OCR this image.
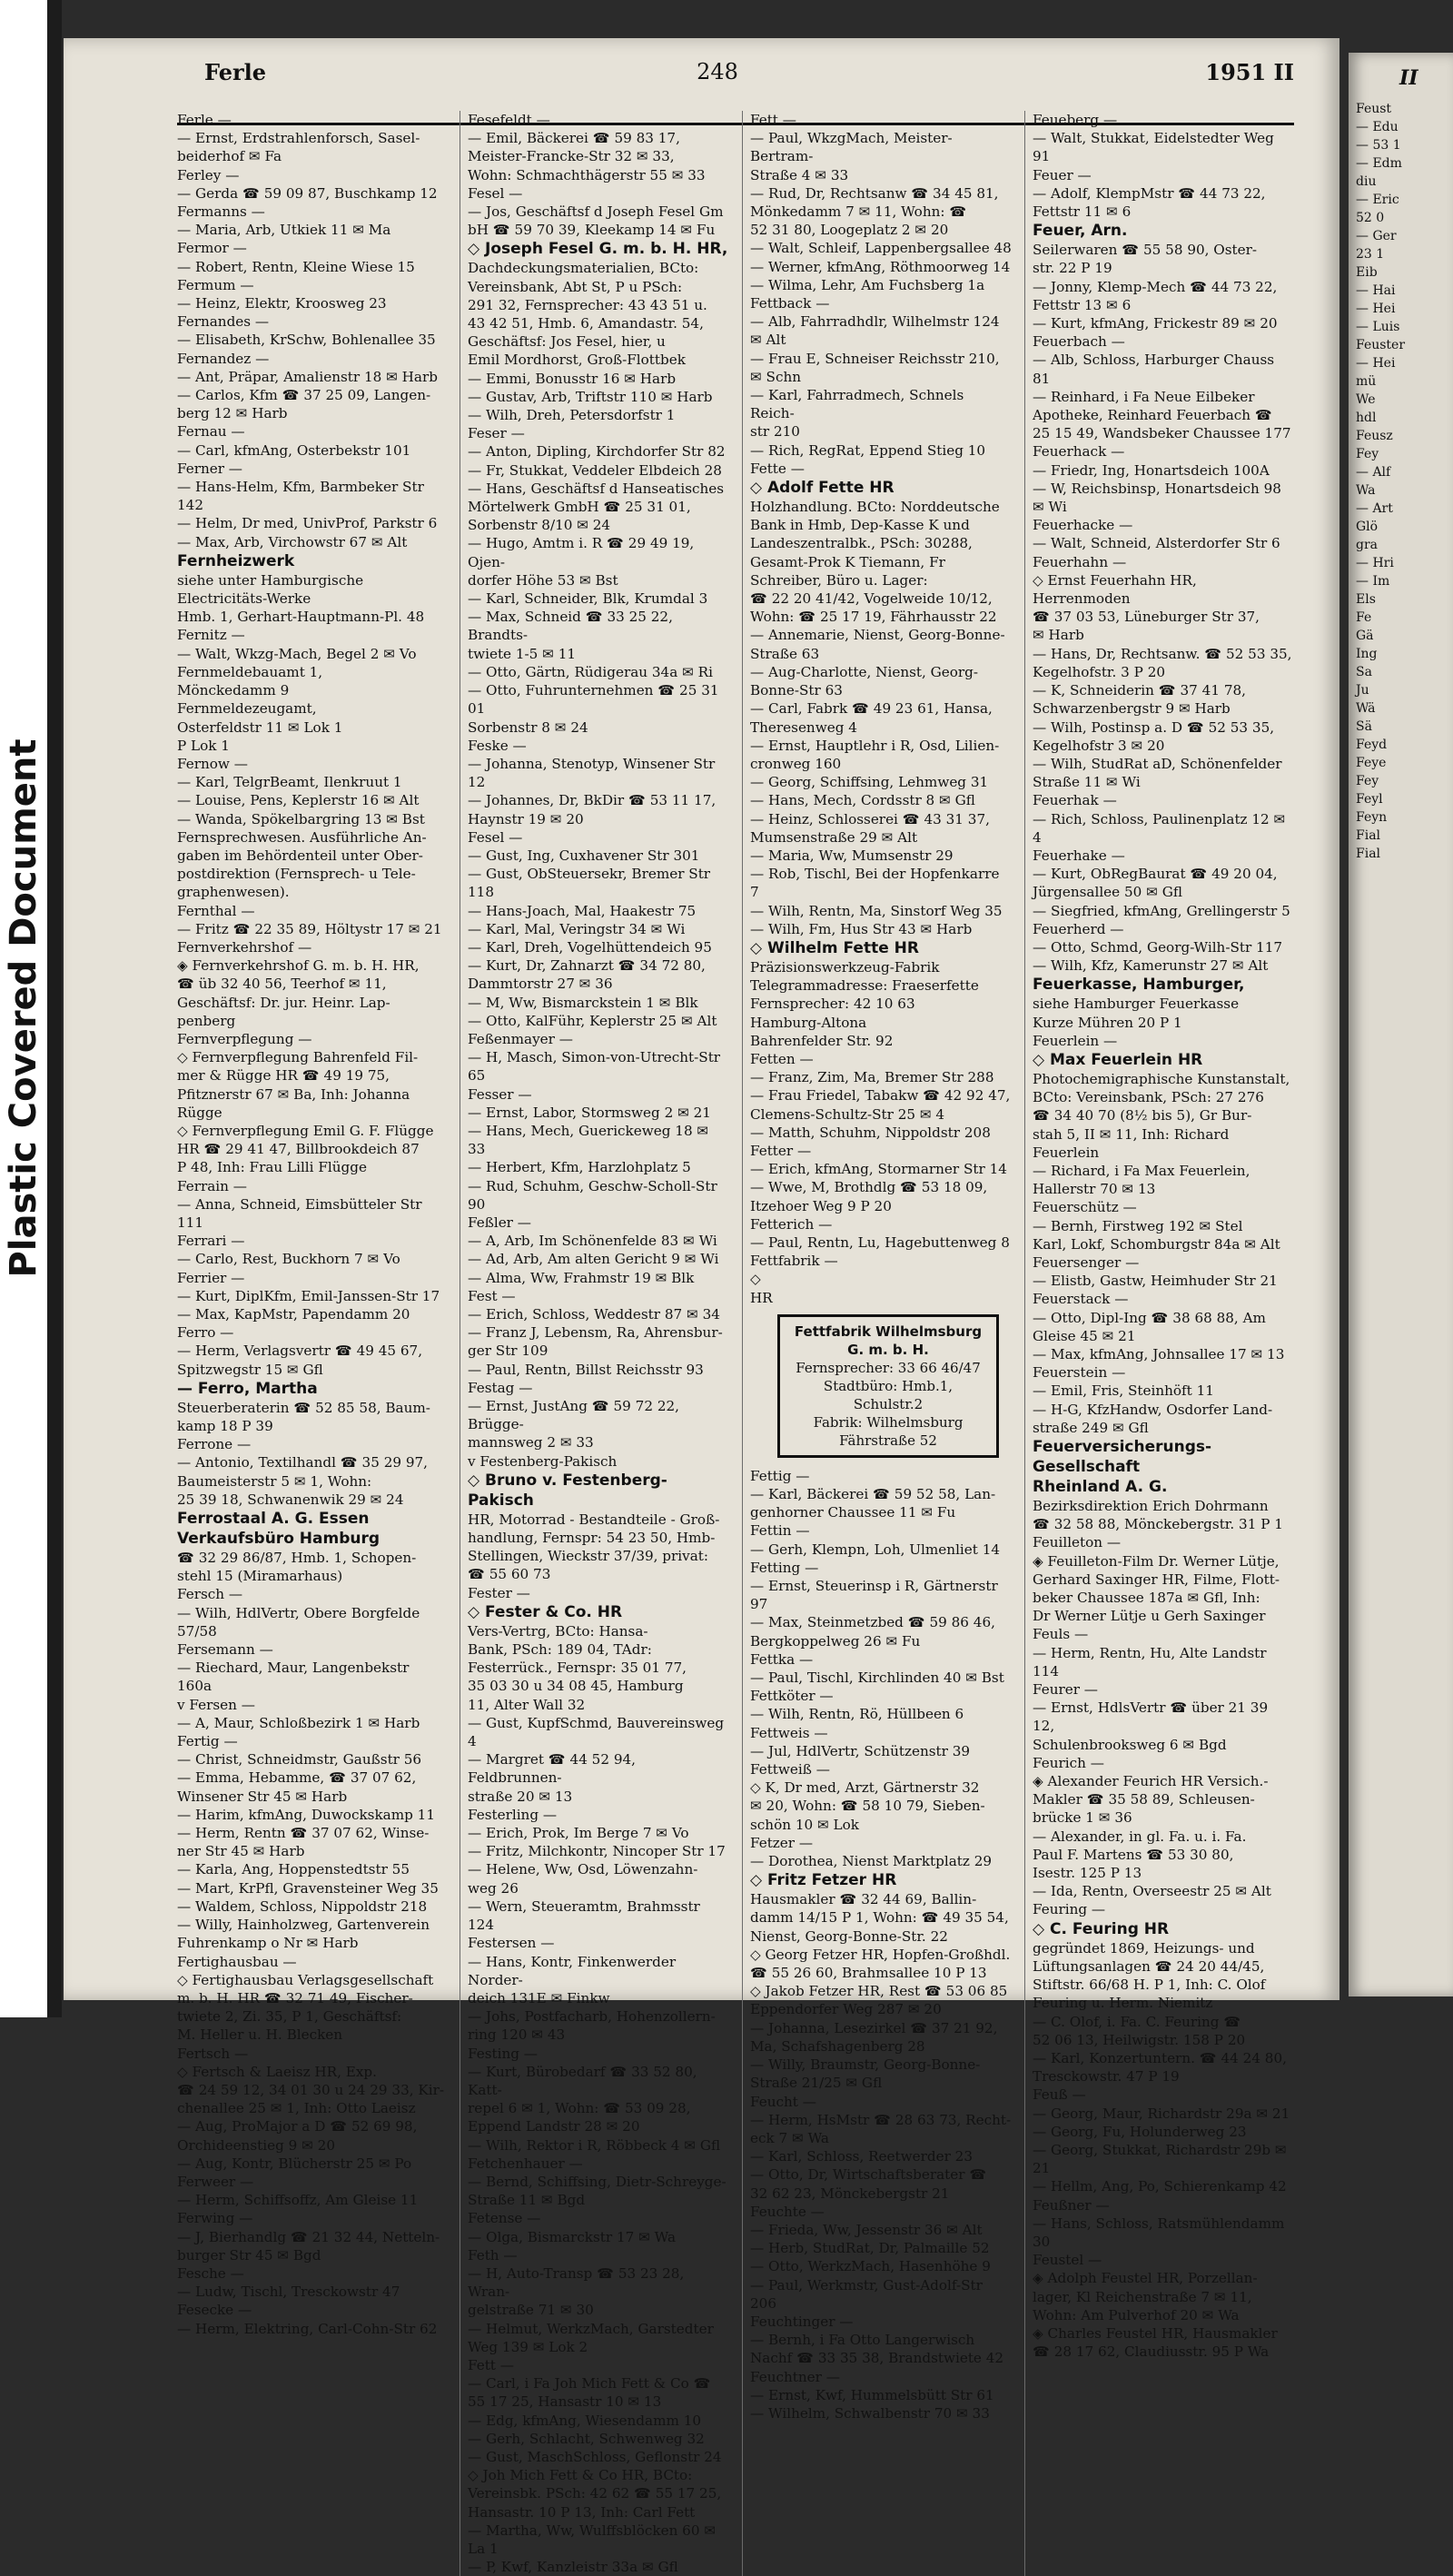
Plastic Covered Document
II
Feust
— Edu
— 53 1
— Edm
diu
— Eric
52 0
— Ger
23 1
Eib
— Hai
— Hei
— Luis
Feuster
— Hei
mü
We
hdl
Feusz
Fey
— Alf
Wa
— Art
Glö
gra
— Hri
— Im
Els
Fe
Gä
Ing
Sa
Ju
Wä
Sä
Feyd
Feye
Fey
Feyl
Feyn
Fial
Fial
Ferle	248	1951 II
Ferle —
— Ernst, Erdstrahlenforsch, Sasel-
beiderhof ✉ Fa
Ferley —
— Gerda ☎ 59 09 87, Buschkamp 12
Fermanns —
— Maria, Arb, Utkiek 11 ✉ Ma
Fermor —
— Robert, Rentn, Kleine Wiese 15
Fermum —
— Heinz, Elektr, Kroosweg 23
Fernandes —
— Elisabeth, KrSchw, Bohlenallee 35
Fernandez —
— Ant, Präpar, Amalienstr 18 ✉ Harb
— Carlos, Kfm ☎ 37 25 09, Langen-
berg 12 ✉ Harb
Fernau —
— Carl, kfmAng, Osterbekstr 101
Ferner —
— Hans-Helm, Kfm, Barmbeker Str 142
— Helm, Dr med, UnivProf, Parkstr 6
— Max, Arb, Virchowstr 67 ✉ Alt
Fernheizwerk
siehe unter Hamburgische
Electricitäts-Werke
Hmb. 1, Gerhart-Hauptmann-Pl. 48
Fernitz —
— Walt, Wkzg-Mach, Begel 2 ✉ Vo
Fernmeldebauamt 1,
Mönckedamm 9
Fernmeldezeugamt,
Osterfeldstr 11 ✉ Lok 1
P Lok 1
Fernow —
— Karl, TelgrBeamt, Ilenkruut 1
— Louise, Pens, Keplerstr 16 ✉ Alt
— Wanda, Spökelbargring 13 ✉ Bst
Fernsprechwesen. Ausführliche An-
gaben im Behördenteil unter Ober-
postdirektion (Fernsprech- u Tele-
graphenwesen).
Fernthal —
— Fritz ☎ 22 35 89, Höltystr 17 ✉ 21
Fernverkehrshof —
◈ Fernverkehrshof G. m. b. H. HR,
☎ üb 32 40 56, Teerhof ✉ 11,
Geschäftsf: Dr. jur. Heinr. Lap-
penberg
Fernverpflegung —
◇ Fernverpflegung Bahrenfeld Fil-
mer & Rügge HR ☎ 49 19 75,
Pfitznerstr 67 ✉ Ba, Inh: Johanna
Rügge
◇ Fernverpflegung Emil G. F. Flügge
HR ☎ 29 41 47, Billbrookdeich 87
P 48, Inh: Frau Lilli Flügge
Ferrain —
— Anna, Schneid, Eimsbütteler Str 111
Ferrari —
— Carlo, Rest, Buckhorn 7 ✉ Vo
Ferrier —
— Kurt, DiplKfm, Emil-Janssen-Str 17
— Max, KapMstr, Papendamm 20
Ferro —
— Herm, Verlagsvertr ☎ 49 45 67,
Spitzwegstr 15 ✉ Gfl
— Ferro, Martha
Steuerberaterin ☎ 52 85 58, Baum-
kamp 18 P 39
Ferrone —
— Antonio, Textilhandl ☎ 35 29 97,
Baumeisterstr 5 ✉ 1, Wohn:
25 39 18, Schwanenwik 29 ✉ 24
Ferrostaal A. G. Essen
Verkaufsbüro Hamburg
☎ 32 29 86/87, Hmb. 1, Schopen-
stehl 15 (Miramarhaus)
Fersch —
— Wilh, HdlVertr, Obere Borgfelde 57/58
Fersemann —
— Riechard, Maur, Langenbekstr 160a
v Fersen —
— A, Maur, Schloßbezirk 1 ✉ Harb
Fertig —
— Christ, Schneidmstr, Gaußstr 56
— Emma, Hebamme, ☎ 37 07 62,
Winsener Str 45 ✉ Harb
— Harim, kfmAng, Duwockskamp 11
— Herm, Rentn ☎ 37 07 62, Winse-
ner Str 45 ✉ Harb
— Karla, Ang, Hoppenstedtstr 55
— Mart, KrPfl, Gravensteiner Weg 35
— Waldem, Schloss, Nippoldstr 218
— Willy, Hainholzweg, Gartenverein
Fuhrenkamp o Nr ✉ Harb
Fertighausbau —
◇ Fertighausbau Verlagsgesellschaft
m. b. H. HR ☎ 32 71 49, Fischer-
twiete 2, Zi. 35, P 1, Geschäftsf:
M. Heller u. H. Blecken
Fertsch —
◇ Fertsch & Laeisz HR, Exp.
☎ 24 59 12, 34 01 30 u 24 29 33, Kir-
chenallee 25 ✉ 1, Inh: Otto Laeisz
— Aug, ProMajor a D ☎ 52 69 98,
Orchideenstieg 9 ✉ 20
— Aug, Kontr, Blücherstr 25 ✉ Po
Ferweer —
— Herm, Schiffsoffz, Am Gleise 11
Ferwing —
— J, Bierhandlg ☎ 21 32 44, Netteln-
burger Str 45 ✉ Bgd
Fesche —
— Ludw, Tischl, Tresckowstr 47
Fesecke —
— Herm, Elektring, Carl-Cohn-Str 62
Fesefeldt —
— Emil, Bäckerei ☎ 59 83 17,
Meister-Francke-Str 32 ✉ 33,
Wohn: Schmachthägerstr 55 ✉ 33
Fesel —
— Jos, Geschäftsf d Joseph Fesel Gm
bH ☎ 59 70 39, Kleekamp 14 ✉ Fu
◇ Joseph Fesel G. m. b. H. HR,
Dachdeckungsmaterialien, BCto:
Vereinsbank, Abt St, P u PSch:
291 32, Fernsprecher: 43 43 51 u.
43 42 51, Hmb. 6, Amandastr. 54,
Geschäftsf: Jos Fesel, hier, u
Emil Mordhorst, Groß-Flottbek
— Emmi, Bonusstr 16 ✉ Harb
— Gustav, Arb, Triftstr 110 ✉ Harb
— Wilh, Dreh, Petersdorfstr 1
Feser —
— Anton, Dipling, Kirchdorfer Str 82
— Fr, Stukkat, Veddeler Elbdeich 28
— Hans, Geschäftsf d Hanseatisches
Mörtelwerk GmbH ☎ 25 31 01,
Sorbenstr 8/10 ✉ 24
— Hugo, Amtm i. R ☎ 29 49 19, Ojen-
dorfer Höhe 53 ✉ Bst
— Karl, Schneider, Blk, Krumdal 3
— Max, Schneid ☎ 33 25 22, Brandts-
twiete 1-5 ✉ 11
— Otto, Gärtn, Rüdigerau 34a ✉ Ri
— Otto, Fuhrunternehmen ☎ 25 31 01
Sorbenstr 8 ✉ 24
Feske —
— Johanna, Stenotyp, Winsener Str 12
— Johannes, Dr, BkDir ☎ 53 11 17,
Haynstr 19 ✉ 20
Fesel —
— Gust, Ing, Cuxhavener Str 301
— Gust, ObSteuersekr, Bremer Str 118
— Hans-Joach, Mal, Haakestr 75
— Karl, Mal, Veringstr 34 ✉ Wi
— Karl, Dreh, Vogelhüttendeich 95
— Kurt, Dr, Zahnarzt ☎ 34 72 80,
Dammtorstr 27 ✉ 36
— M, Ww, Bismarckstein 1 ✉ Blk
— Otto, KalFühr, Keplerstr 25 ✉ Alt
Feßenmayer —
— H, Masch, Simon-von-Utrecht-Str 65
Fesser —
— Ernst, Labor, Stormsweg 2 ✉ 21
— Hans, Mech, Guerickeweg 18 ✉ 33
— Herbert, Kfm, Harzlohplatz 5
— Rud, Schuhm, Geschw-Scholl-Str 90
Feßler —
— A, Arb, Im Schönenfelde 83 ✉ Wi
— Ad, Arb, Am alten Gericht 9 ✉ Wi
— Alma, Ww, Frahmstr 19 ✉ Blk
Fest —
— Erich, Schloss, Weddestr 87 ✉ 34
— Franz J, Lebensm, Ra, Ahrensbur-
ger Str 109
— Paul, Rentn, Billst Reichsstr 93
Festag —
— Ernst, JustAng ☎ 59 72 22, Brügge-
mannsweg 2 ✉ 33
v Festenberg-Pakisch
◇ Bruno v. Festenberg-Pakisch
HR, Motorrad - Bestandteile - Groß-
handlung, Fernspr: 54 23 50, Hmb-
Stellingen, Wieckstr 37/39, privat:
☎ 55 60 73
Fester —
◇ Fester & Co. HR
Vers-Vertrg, BCto: Hansa-
Bank, PSch: 189 04, TAdr:
Festerrück., Fernspr: 35 01 77,
35 03 30 u 34 08 45, Hamburg
11, Alter Wall 32
— Gust, KupfSchmd, Bauvereinsweg 4
— Margret ☎ 44 52 94, Feldbrunnen-
straße 20 ✉ 13
Festerling —
— Erich, Prok, Im Berge 7 ✉ Vo
— Fritz, Milchkontr, Nincoper Str 17
— Helene, Ww, Osd, Löwenzahn-
weg 26
— Wern, Steueramtm, Brahmsstr 124
Festersen —
— Hans, Kontr, Finkenwerder Norder-
deich 131E ✉ Finkw
— Johs, Postfacharb, Hohenzollern-
ring 120 ✉ 43
Festing —
— Kurt, Bürobedarf ☎ 33 52 80, Katt-
repel 6 ✉ 1, Wohn: ☎ 53 09 28,
Eppend Landstr 28 ✉ 20
— Wilh, Rektor i R, Röbbeck 4 ✉ Gfl
Fetchenhauer —
— Bernd, Schiffsing, Dietr-Schreyge-
Straße 11 ✉ Bgd
Fetense —
— Olga, Bismarckstr 17 ✉ Wa
Feth —
— H, Auto-Transp ☎ 53 23 28, Wran-
gelstraße 71 ✉ 30
— Helmut, WerkzMach, Garstedter
Weg 139 ✉ Lok 2
Fett —
— Carl, i Fa Joh Mich Fett & Co ☎
55 17 25, Hansastr 10 ✉ 13
— Edg, kfmAng, Wiesendamm 10
— Gerh, Schlacht, Schwenweg 32
— Gust, MaschSchloss, Geflonstr 24
◇ Joh Mich Fett & Co HR, BCto:
Vereinsbk. PSch: 42 62 ☎ 55 17 25,
Hansastr. 10 P 13, Inh: Carl Fett
— Martha, Ww, Wulffsblöcken 60 ✉ La 1
— P, Kwf, Kanzleistr 33a ✉ Gfl
Fett —
— Paul, WkzgMach, Meister-Bertram-
Straße 4 ✉ 33
— Rud, Dr, Rechtsanw ☎ 34 45 81,
Mönkedamm 7 ✉ 11, Wohn: ☎
52 31 80, Loogeplatz 2 ✉ 20
— Walt, Schleif, Lappenbergsallee 48
— Werner, kfmAng, Röthmoorweg 14
— Wilma, Lehr, Am Fuchsberg 1a
Fettback —
— Alb, Fahrradhdlr, Wilhelmstr 124
✉ Alt
— Frau E, Schneiser Reichsstr 210,
✉ Schn
— Karl, Fahrradmech, Schnels Reich-
str 210
— Rich, RegRat, Eppend Stieg 10
Fette —
◇ Adolf Fette HR
Holzhandlung. BCto: Norddeutsche
Bank in Hmb, Dep-Kasse K und
Landeszentralbk., PSch: 30288,
Gesamt-Prok K Tiemann, Fr
Schreiber, Büro u. Lager:
☎ 22 20 41/42, Vogelweide 10/12,
Wohn: ☎ 25 17 19, Fährhausstr 22
— Annemarie, Nienst, Georg-Bonne-
Straße 63
— Aug-Charlotte, Nienst, Georg-
Bonne-Str 63
— Carl, Fabrk ☎ 49 23 61, Hansa,
Theresenweg 4
— Ernst, Hauptlehr i R, Osd, Lilien-
cronweg 160
— Georg, Schiffsing, Lehmweg 31
— Hans, Mech, Cordsstr 8 ✉ Gfl
— Heinz, Schlosserei ☎ 43 31 37,
Mumsenstraße 29 ✉ Alt
— Maria, Ww, Mumsenstr 29
— Rob, Tischl, Bei der Hopfenkarre 7
— Wilh, Rentn, Ma, Sinstorf Weg 35
— Wilh, Fm, Hus Str 43 ✉ Harb
◇ Wilhelm Fette HR
Präzisionswerkzeug-Fabrik
Telegrammadresse: Fraeserfette
Fernsprecher: 42 10 63
Hamburg-Altona
Bahrenfelder Str. 92
Fetten —
— Franz, Zim, Ma, Bremer Str 288
— Frau Friedel, Tabakw ☎ 42 92 47,
Clemens-Schultz-Str 25 ✉ 4
— Matth, Schuhm, Nippoldstr 208
Fetter —
— Erich, kfmAng, Stormarner Str 14
— Wwe, M, Brothdlg ☎ 53 18 09,
Itzehoer Weg 9 P 20
Fetterich —
— Paul, Rentn, Lu, Hagebuttenweg 8
Fettfabrik —
◇
HR
Fettfabrik Wilhelmsburg
G. m. b. H.
Fernsprecher: 33 66 46/47
Stadtbüro: Hmb.1, Schulstr.2
Fabrik: Wilhelmsburg
Fährstraße 52
Fettig —
— Karl, Bäckerei ☎ 59 52 58, Lan-
genhorner Chaussee 11 ✉ Fu
Fettin —
— Gerh, Klempn, Loh, Ulmenliet 14
Fetting —
— Ernst, Steuerinsp i R, Gärtnerstr 97
— Max, Steinmetzbed ☎ 59 86 46,
Bergkoppelweg 26 ✉ Fu
Fettka —
— Paul, Tischl, Kirchlinden 40 ✉ Bst
Fettköter —
— Wilh, Rentn, Rö, Hüllbeen 6
Fettweis —
— Jul, HdlVertr, Schützenstr 39
Fettweiß —
◇ K, Dr med, Arzt, Gärtnerstr 32
✉ 20, Wohn: ☎ 58 10 79, Sieben-
schön 10 ✉ Lok
Fetzer —
— Dorothea, Nienst Marktplatz 29
◇ Fritz Fetzer HR
Hausmakler ☎ 32 44 69, Ballin-
damm 14/15 P 1, Wohn: ☎ 49 35 54,
Nienst, Georg-Bonne-Str. 22
◇ Georg Fetzer HR, Hopfen-Großhdl.
☎ 55 26 60, Brahmsallee 10 P 13
◇ Jakob Fetzer HR, Rest ☎ 53 06 85
Eppendorfer Weg 287 ✉ 20
— Johanna, Lesezirkel ☎ 37 21 92,
Ma, Schafshagenberg 28
— Willy, Braumstr, Georg-Bonne-
Straße 21/25 ✉ Gfl
Feucht —
— Herm, HsMstr ☎ 28 63 73, Recht-
eck 7 ✉ Wa
— Karl, Schloss, Reetwerder 23
— Otto, Dr, Wirtschaftsberater ☎
32 62 23, Mönckebergstr 21
Feuchte —
— Frieda, Ww, Jessenstr 36 ✉ Alt
— Herb, StudRat, Dr, Palmaille 52
— Otto, WerkzMach, Hasenhöhe 9
— Paul, Werkmstr, Gust-Adolf-Str 206
Feuchtinger —
— Bernh, i Fa Otto Langerwisch
Nachf ☎ 33 35 38, Brandstwiete 42
Feuchtner —
— Ernst, Kwf, Hummelsbütt Str 61
— Wilhelm, Schwalbenstr 70 ✉ 33
Feueberg —
— Walt, Stukkat, Eidelstedter Weg 91
Feuer —
— Adolf, KlempMstr ☎ 44 73 22,
Fettstr 11 ✉ 6
Feuer, Arn.
Seilerwaren ☎ 55 58 90, Oster-
str. 22 P 19
— Jonny, Klemp-Mech ☎ 44 73 22,
Fettstr 13 ✉ 6
— Kurt, kfmAng, Frickestr 89 ✉ 20
Feuerbach —
— Alb, Schloss, Harburger Chauss 81
— Reinhard, i Fa Neue Eilbeker
Apotheke, Reinhard Feuerbach ☎
25 15 49, Wandsbeker Chaussee 177
Feuerhack —
— Friedr, Ing, Honartsdeich 100A
— W, Reichsbinsp, Honartsdeich 98
✉ Wi
Feuerhacke —
— Walt, Schneid, Alsterdorfer Str 6
Feuerhahn —
◇ Ernst Feuerhahn HR, Herrenmoden
☎ 37 03 53, Lüneburger Str 37,
✉ Harb
— Hans, Dr, Rechtsanw. ☎ 52 53 35,
Kegelhofstr. 3 P 20
— K, Schneiderin ☎ 37 41 78,
Schwarzenbergstr 9 ✉ Harb
— Wilh, Postinsp a. D ☎ 52 53 35,
Kegelhofstr 3 ✉ 20
— Wilh, StudRat aD, Schönenfelder
Straße 11 ✉ Wi
Feuerhak —
— Rich, Schloss, Paulinenplatz 12 ✉ 4
Feuerhake —
— Kurt, ObRegBaurat ☎ 49 20 04,
Jürgensallee 50 ✉ Gfl
— Siegfried, kfmAng, Grellingerstr 5
Feuerherd —
— Otto, Schmd, Georg-Wilh-Str 117
— Wilh, Kfz, Kamerunstr 27 ✉ Alt
Feuerkasse, Hamburger,
siehe Hamburger Feuerkasse
Kurze Mühren 20 P 1
Feuerlein —
◇ Max Feuerlein HR
Photochemigraphische Kunstanstalt,
BCto: Vereinsbank, PSch: 27 276
☎ 34 40 70 (8½ bis 5), Gr Bur-
stah 5, II ✉ 11, Inh: Richard
Feuerlein
— Richard, i Fa Max Feuerlein,
Hallerstr 70 ✉ 13
Feuerschütz —
— Bernh, Firstweg 192 ✉ Stel
Karl, Lokf, Schomburgstr 84a ✉ Alt
Feuersenger —
— Elistb, Gastw, Heimhuder Str 21
Feuerstack —
— Otto, Dipl-Ing ☎ 38 68 88, Am
Gleise 45 ✉ 21
— Max, kfmAng, Johnsallee 17 ✉ 13
Feuerstein —
— Emil, Fris, Steinhöft 11
— H-G, KfzHandw, Osdorfer Land-
straße 249 ✉ Gfl
Feuerversicherungs-
Gesellschaft
Rheinland A. G.
Bezirksdirektion Erich Dohrmann
☎ 32 58 88, Mönckebergstr. 31 P 1
Feuilleton —
◈ Feuilleton-Film Dr. Werner Lütje,
Gerhard Saxinger HR, Filme, Flott-
beker Chaussee 187a ✉ Gfl, Inh:
Dr Werner Lütje u Gerh Saxinger
Feuls —
— Herm, Rentn, Hu, Alte Landstr 114
Feurer —
— Ernst, HdlsVertr ☎ über 21 39 12,
Schulenbrooksweg 6 ✉ Bgd
Feurich —
◈ Alexander Feurich HR Versich.-
Makler ☎ 35 58 89, Schleusen-
brücke 1 ✉ 36
— Alexander, in gl. Fa. u. i. Fa.
Paul F. Martens ☎ 53 30 80,
Isestr. 125 P 13
— Ida, Rentn, Overseestr 25 ✉ Alt
Feuring —
◇ C. Feuring HR
gegründet 1869, Heizungs- und
Lüftungsanlagen ☎ 24 20 44/45,
Stiftstr. 66/68 H. P 1, Inh: C. Olof
Feuring u. Herm. Niemitz
— C. Olof, i. Fa. C. Feuring ☎
52 06 13, Heilwigstr. 158 P 20
— Karl, Konzertuntern. ☎ 44 24 80,
Tresckowstr. 47 P 19
Feuß —
— Georg, Maur, Richardstr 29a ✉ 21
— Georg, Fu, Holunderweg 23
— Georg, Stukkat, Richardstr 29b ✉ 21
— Hellm, Ang, Po, Schierenkamp 42
Feußner —
— Hans, Schloss, Ratsmühlendamm 30
Feustel —
◈ Adolph Feustel HR, Porzellan-
lager, Kl Reichenstraße 7 ✉ 11,
Wohn: Am Pulverhof 20 ✉ Wa
◈ Charles Feustel HR, Hausmakler
☎ 28 17 62, Claudiusstr. 95 P Wa
